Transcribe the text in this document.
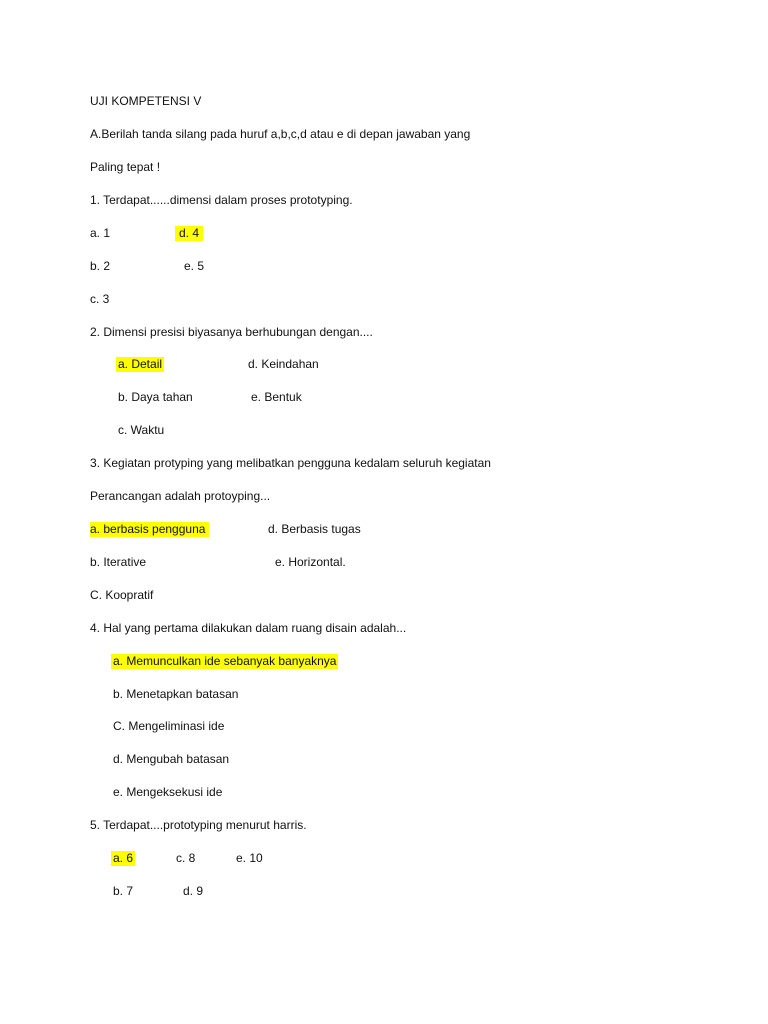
UJI KOMPETENSI V
A.Berilah tanda silang pada huruf a,b,c,d atau e di depan jawaban yang
Paling tepat !
1. Terdapat......dimensi dalam proses prototyping.
a. 1	d. 4
b. 2	e. 5
c. 3
2. Dimensi presisi biyasanya berhubungan dengan....
a. Detail	d. Keindahan
b. Daya tahan	e. Bentuk
c. Waktu
3. Kegiatan protyping yang melibatkan pengguna kedalam seluruh kegiatan
Perancangan adalah protoyping...
a. berbasis pengguna	d. Berbasis tugas
b. Iterative	e. Horizontal.
C. Koopratif
4. Hal yang pertama dilakukan dalam ruang disain adalah...
a. Memunculkan ide sebanyak banyaknya
b. Menetapkan batasan
C. Mengeliminasi ide
d. Mengubah batasan
e. Mengeksekusi ide
5. Terdapat....prototyping menurut harris.
a. 6	c. 8	e. 10
b. 7	d. 9
